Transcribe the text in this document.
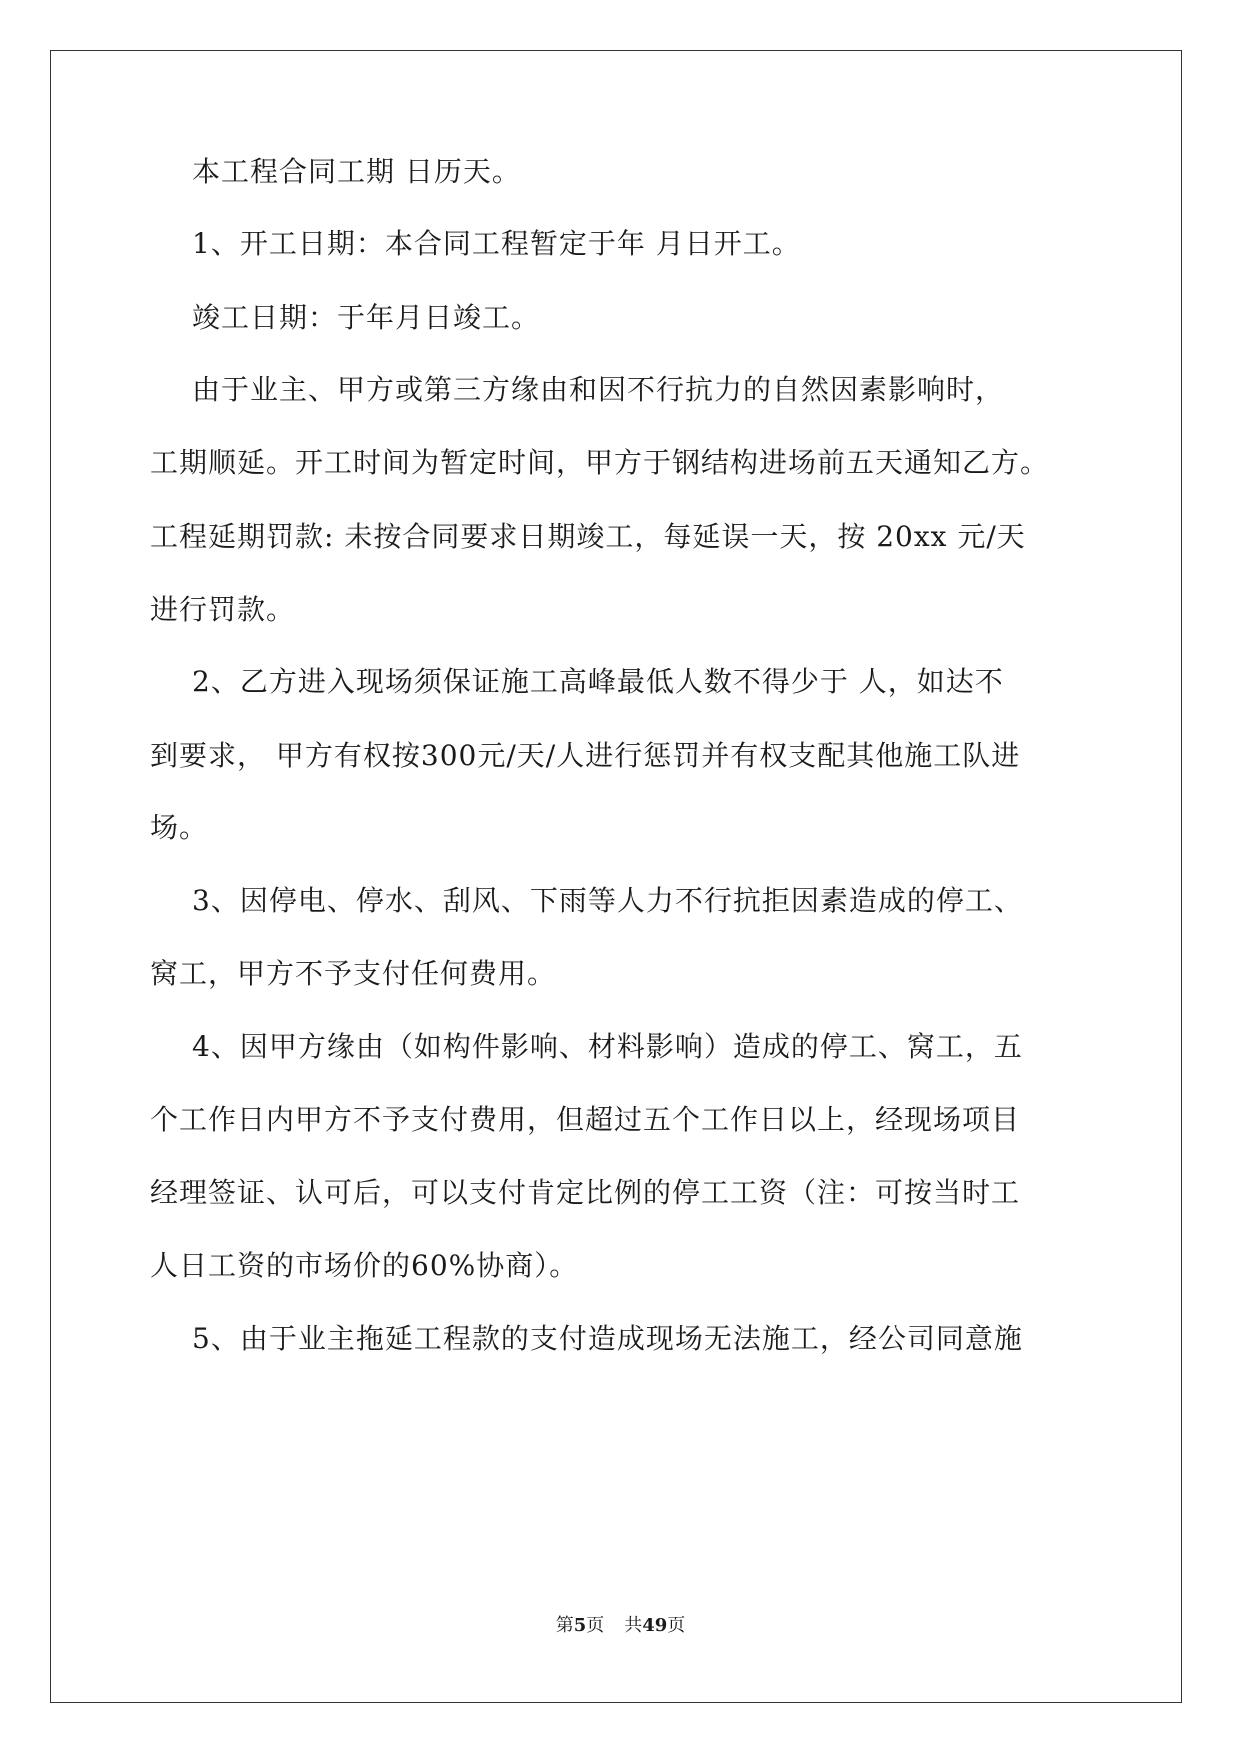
本工程合同工期 日历天。
1、开工日期：本合同工程暂定于年 月日开工。
竣工日期：于年月日竣工。
由于业主、甲方或第三方缘由和因不行抗力的自然因素影响时，
工期顺延。开工时间为暂定时间，甲方于钢结构进场前五天通知乙方。
工程延期罚款: 未按合同要求日期竣工，每延误一天，按 20xx 元/天
进行罚款。
2、乙方进入现场须保证施工高峰最低人数不得少于 人，如达不
到要求， 甲方有权按300元/天/人进行惩罚并有权支配其他施工队进
场。
3、因停电、停水、刮风、下雨等人力不行抗拒因素造成的停工、
窝工，甲方不予支付任何费用。
4、因甲方缘由（如构件影响、材料影响）造成的停工、窝工，五
个工作日内甲方不予支付费用，但超过五个工作日以上，经现场项目
经理签证、认可后，可以支付肯定比例的停工工资（注：可按当时工
人日工资的市场价的60%协商）。
5、由于业主拖延工程款的支付造成现场无法施工，经公司同意施
第5页 共49页
